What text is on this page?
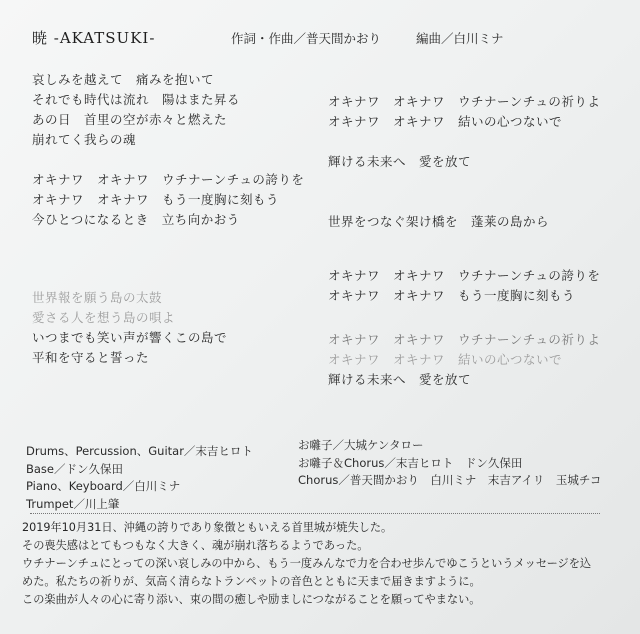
暁 -AKATSUKI-	作詞・作曲／普天間かおり	編曲／白川ミナ
哀しみを越えて　痛みを抱いて
それでも時代は流れ　陽はまた昇る
あの日　首里の空が赤々と燃えた
崩れてく我らの魂
オキナワ　オキナワ　ウチナーンチュの誇りを
オキナワ　オキナワ　もう一度胸に刻もう
今ひとつになるとき　立ち向かおう
世界報を願う島の太鼓
愛さる人を想う島の唄よ
いつまでも笑い声が響くこの島で
平和を守ると誓った
オキナワ　オキナワ　ウチナーンチュの祈りよ
オキナワ　オキナワ　結いの心つないで
輝ける未来へ　愛を放て
世界をつなぐ架け橋を　蓬莱の島から
オキナワ　オキナワ　ウチナーンチュの誇りを
オキナワ　オキナワ　もう一度胸に刻もう
オキナワ　オキナワ　ウチナーンチュの祈りよ
オキナワ　オキナワ　結いの心つないで
輝ける未来へ　愛を放て
Drums、Percussion、Guitar／末吉ヒロト
Base／ドン久保田
Piano、Keyboard／白川ミナ
Trumpet／川上肇
お囃子／大城ケンタロー
お囃子＆Chorus／末吉ヒロト　ドン久保田
Chorus／普天間かおり　白川ミナ　末吉アイリ　玉城チコ
2019年10月31日、沖縄の誇りであり象徴ともいえる首里城が焼失した。
その喪失感はとてもつもなく大きく、魂が崩れ落ちるようであった。
ウチナーンチュにとっての深い哀しみの中から、もう一度みんなで力を合わせ歩んでゆこうというメッセージを込
めた。私たちの祈りが、気高く清らなトランペットの音色とともに天まで届きますように。
この楽曲が人々の心に寄り添い、束の間の癒しや励ましにつながることを願ってやまない。
